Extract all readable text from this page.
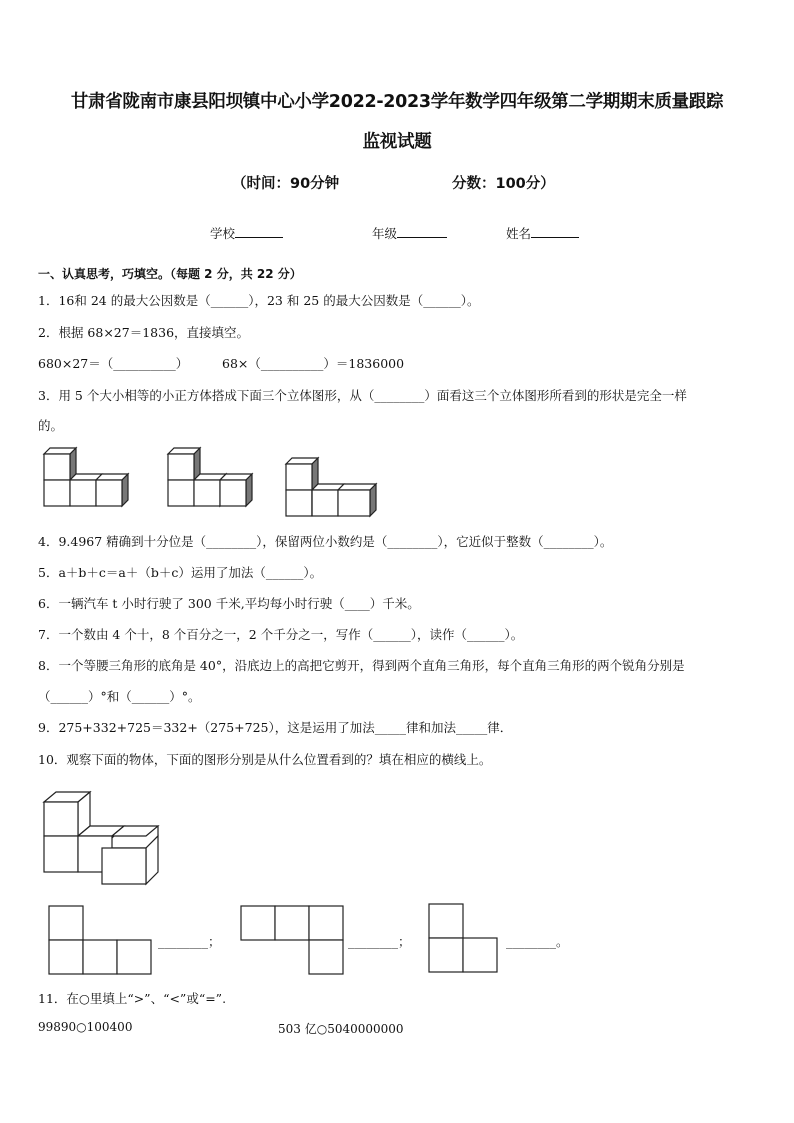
甘肃省陇南市康县阳坝镇中心小学2022-2023学年数学四年级第二学期期末质量跟踪
监视试题
（时间：90分钟	分数：100分）
学校	年级	姓名
一、认真思考，巧填空。（每题 2 分，共 22 分）
1．16和 24 的最大公因数是（______），23 和 25 的最大公因数是（______）。
2．根据 68×27＝1836，直接填空。
680×27＝（__________）	68×（__________）＝1836000
3．用 5 个大小相等的小正方体搭成下面三个立体图形，从（________）面看这三个立体图形所看到的形状是完全一样
的。
4．9.4967 精确到十分位是（________），保留两位小数约是（________），它近似于整数（________）。
5．a＋b＋c＝a＋（b＋c）运用了加法（______）。
6．一辆汽车 t 小时行驶了 300 千米,平均每小时行驶（____）千米。
7．一个数由 4 个十，8 个百分之一，2 个千分之一，写作（______），读作（______）。
8．一个等腰三角形的底角是 40°，沿底边上的高把它剪开，得到两个直角三角形，每个直角三角形的两个锐角分别是
（______）°和（______）°。
9．275+332+725＝332+（275+725），这是运用了加法_____律和加法_____律．
10．观察下面的物体，下面的图形分别是从什么位置看到的？填在相应的横线上。
________；	________；	________。
11．在○里填上“>”、“<”或“=”.
99890○100400	503 亿○5040000000
